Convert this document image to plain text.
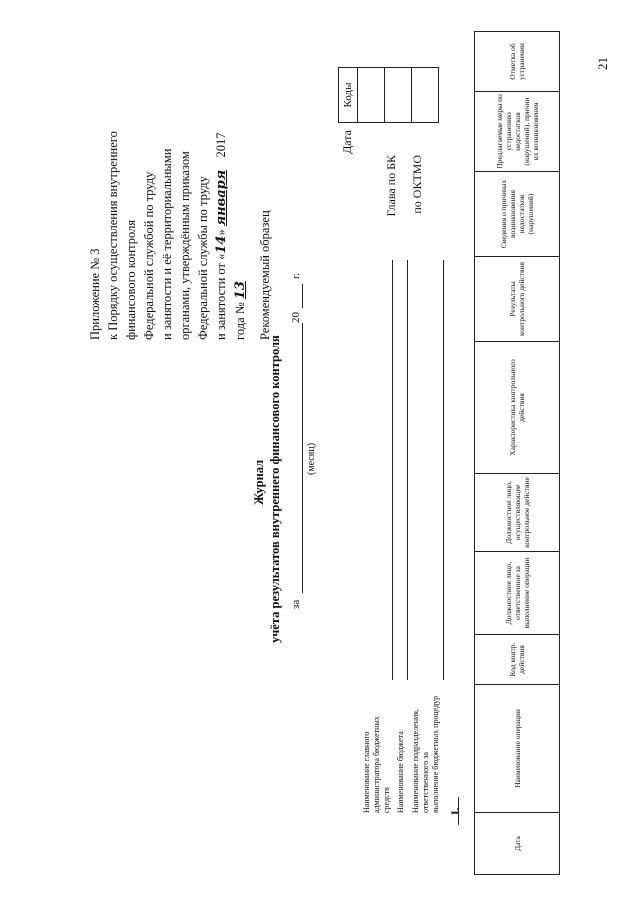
21
Приложение № 3 к Порядку осуществления внутреннего финансового контроля Федеральной службой по труду и занятости и её территориальными органами, утверждённым приказом Федеральной службы по труду и занятости от «14» января    2017
года № 13 Рекомендуемый образец
Коды

Дата
Глава по БК по ОКТМО
Журнал учёта результатов внутреннего финансового контроля за
20
г.
(месяц)
Наименование главного администратора бюджетных средств Наименование бюджета Наименование подразделения, ответственного за выполнение бюджетных процедур I.
Дата	Наименование операции	Код контр. действия	Должностное лицо, ответственное за выполнение операции	Должностное лицо, осуществляющее контрольное действие	Характеристика контрольного действия	Результаты контрольного действия	Сведения о причинах возникновения недостатков (нарушений)	Предлагаемые меры по устранению недостатков (нарушений), причин их возникновения	Отметка об устранении
